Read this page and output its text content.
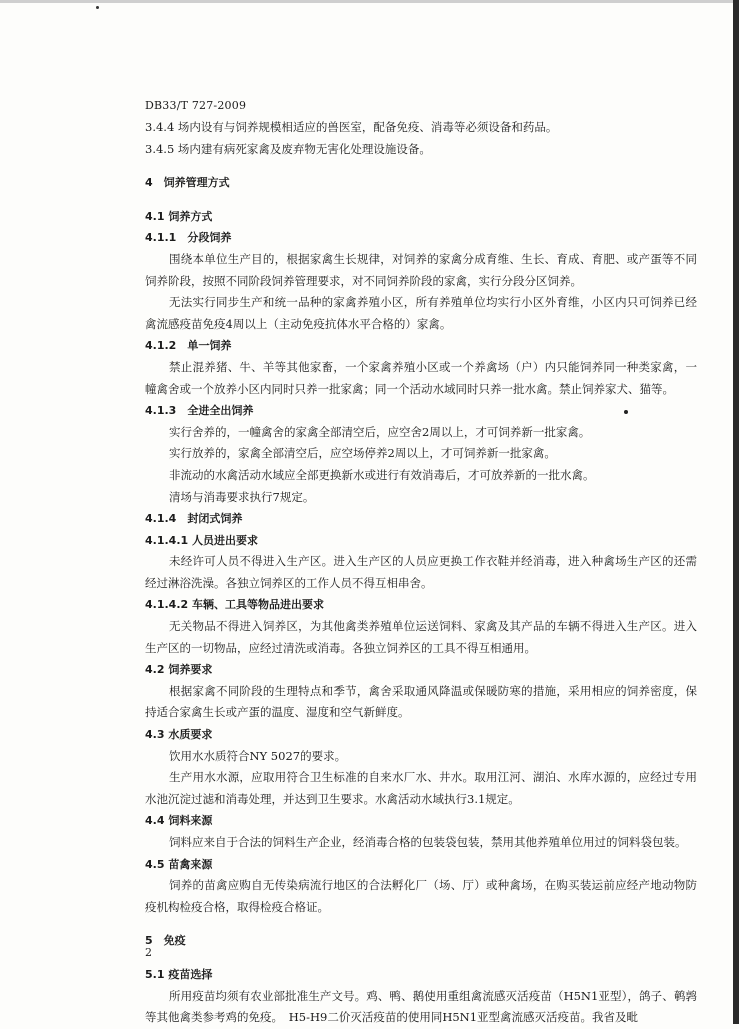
DB33/T 727-2009

3.4.4 场内设有与饲养规模相适应的兽医室，配备免疫、消毒等必须设备和药品。

3.4.5 场内建有病死家禽及废弃物无害化处理设施设备。

4　饲养管理方式

4.1 饲养方式

4.1.1　分段饲养

围绕本单位生产目的，根据家禽生长规律，对饲养的家禽分成育维、生长、育成、育肥、或产蛋等不同饲养阶段，按照不同阶段饲养管理要求，对不同饲养阶段的家禽，实行分段分区饲养。

无法实行同步生产和统一品种的家禽养殖小区，所有养殖单位均实行小区外育维，小区内只可饲养已经禽流感疫苗免疫4周以上（主动免疫抗体水平合格的）家禽。

4.1.2　单一饲养

禁止混养猪、牛、羊等其他家畜，一个家禽养殖小区或一个养禽场（户）内只能饲养同一种类家禽，一幢禽舍或一个放养小区内同时只养一批家禽；同一个活动水域同时只养一批水禽。禁止饲养家犬、猫等。

4.1.3　全进全出饲养

实行舍养的，一幢禽舍的家禽全部清空后，应空舍2周以上，才可饲养新一批家禽。

实行放养的，家禽全部清空后，应空场停养2周以上，才可饲养新一批家禽。

非流动的水禽活动水域应全部更换新水或进行有效消毒后，才可放养新的一批水禽。

清场与消毒要求执行7规定。

4.1.4　封闭式饲养

4.1.4.1 人员进出要求

未经许可人员不得进入生产区。进入生产区的人员应更换工作衣鞋并经消毒，进入种禽场生产区的还需经过淋浴洗澡。各独立饲养区的工作人员不得互相串舍。

4.1.4.2 车辆、工具等物品进出要求

无关物品不得进入饲养区，为其他禽类养殖单位运送饲料、家禽及其产品的车辆不得进入生产区。进入生产区的一切物品，应经过清洗或消毒。各独立饲养区的工具不得互相通用。

4.2 饲养要求

根据家禽不同阶段的生理特点和季节，禽舍采取通风降温或保暖防寒的措施，采用相应的饲养密度，保持适合家禽生长或产蛋的温度、湿度和空气新鲜度。

4.3 水质要求

饮用水水质符合NY 5027的要求。

生产用水水源，应取用符合卫生标准的自来水厂水、井水。取用江河、湖泊、水库水源的，应经过专用水池沉淀过滤和消毒处理，并达到卫生要求。水禽活动水域执行3.1规定。

4.4 饲料来源

饲料应来自于合法的饲料生产企业，经消毒合格的包装袋包装，禁用其他养殖单位用过的饲料袋包装。

4.5 苗禽来源

饲养的苗禽应购自无传染病流行地区的合法孵化厂（场、厅）或种禽场，在购买装运前应经产地动物防疫机构检疫合格，取得检疫合格证。

5　免疫

5.1 疫苗选择

所用疫苗均须有农业部批准生产文号。鸡、鸭、鹅使用重组禽流感灭活疫苗（H5N1亚型），鸽子、鹌鹑等其他禽类参考鸡的免疫。　H5-H9二价灭活疫苗的使用同H5N1亚型禽流感灭活疫苗。我省及毗

2
